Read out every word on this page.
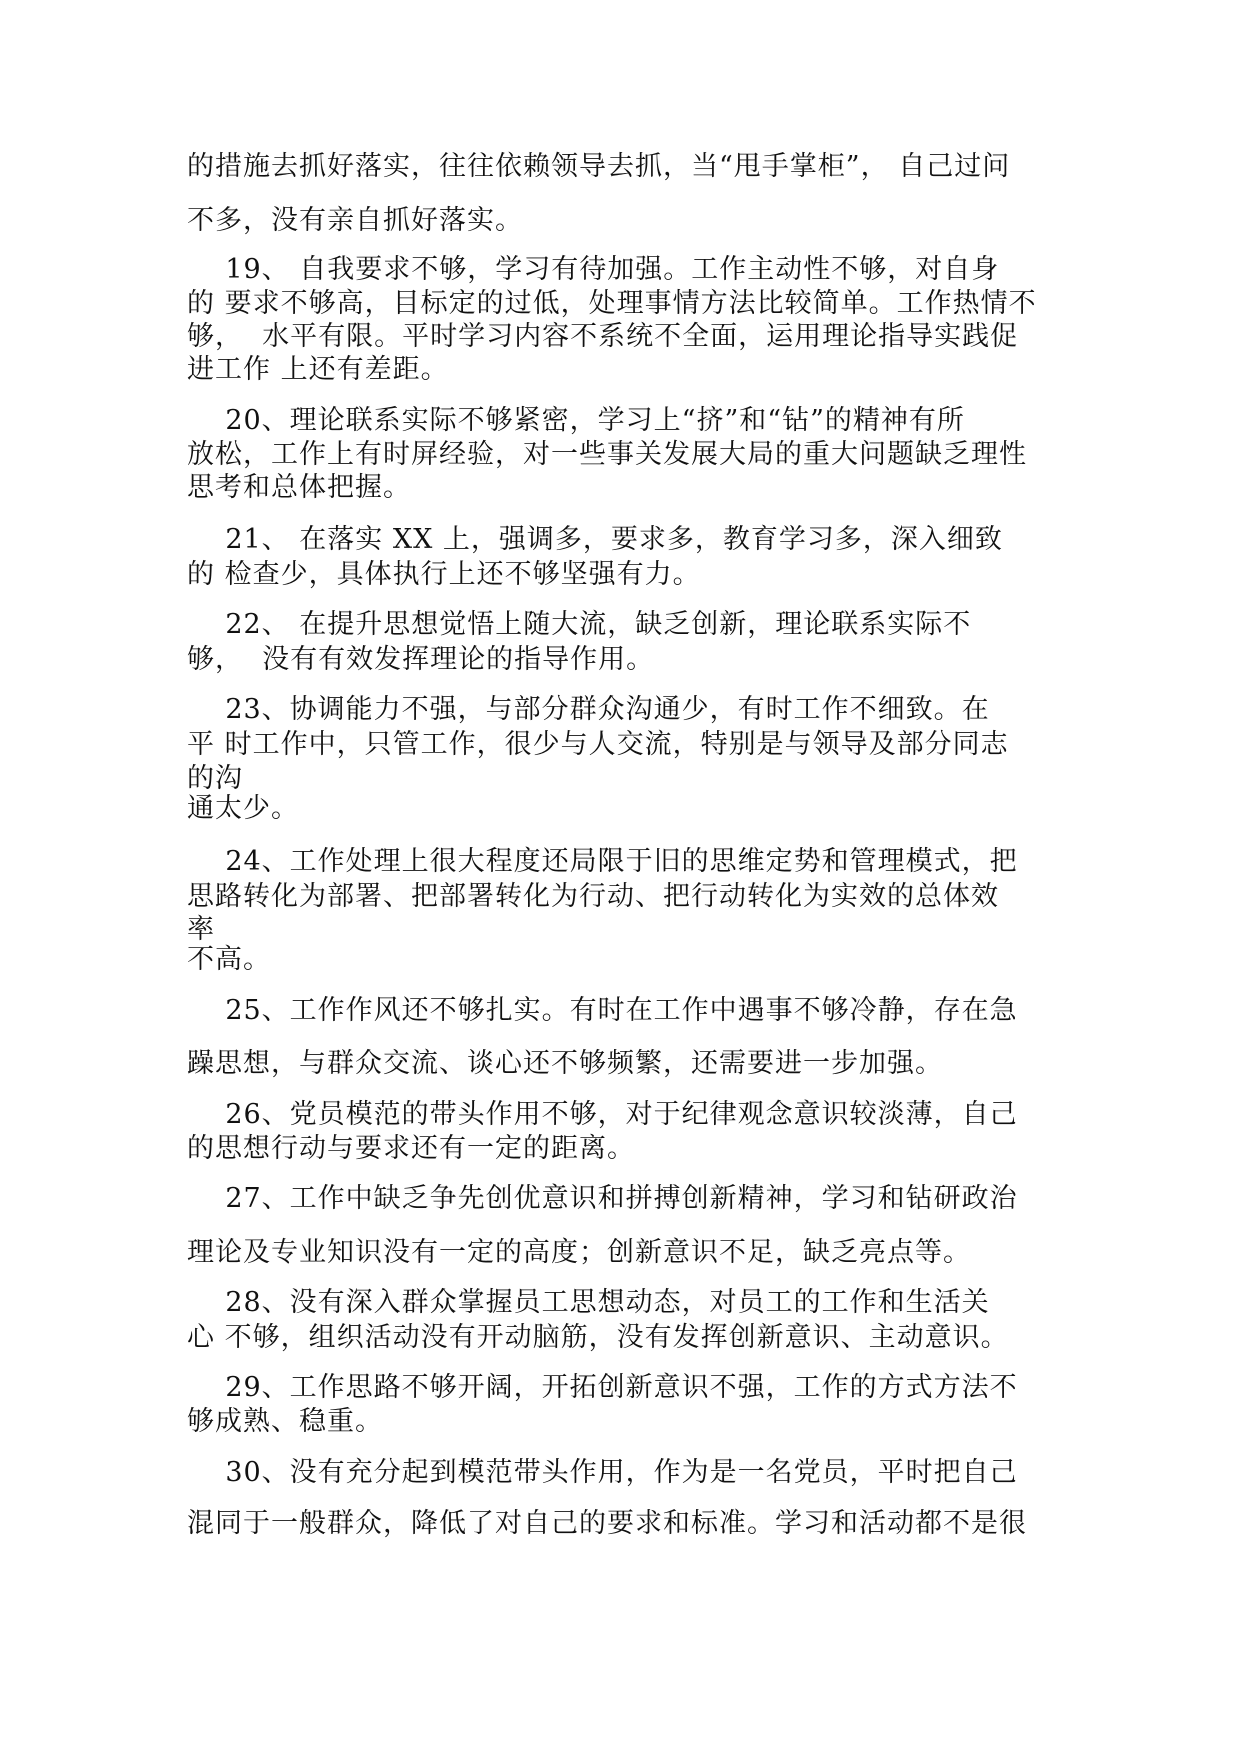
的措施去抓好落实，往往依赖领导去抓，当“甩手掌柜”， 自己过问
不多，没有亲自抓好落实。
19、 自我要求不够，学习有待加强。工作主动性不够，对自身
的 要求不够高，目标定的过低，处理事情方法比较简单。工作热情不
够，  水平有限。平时学习内容不系统不全面，运用理论指导实践促
进工作 上还有差距。
20、理论联系实际不够紧密，学习上“挤”和“钻”的精神有所
放松，工作上有时屏经验，对一些事关发展大局的重大问题缺乏理性
思考和总体把握。
21、 在落实 XX 上，强调多，要求多，教育学习多，深入细致
的 检查少，具体执行上还不够坚强有力。
22、 在提升思想觉悟上随大流，缺乏创新，理论联系实际不
够，  没有有效发挥理论的指导作用。
23、协调能力不强，与部分群众沟通少，有时工作不细致。在
平 时工作中，只管工作，很少与人交流，特别是与领导及部分同志
的沟
通太少。
24、工作处理上很大程度还局限于旧的思维定势和管理模式，把
思路转化为部署、把部署转化为行动、把行动转化为实效的总体效
率
不高。
25、工作作风还不够扎实。有时在工作中遇事不够冷静，存在急
躁思想，与群众交流、谈心还不够频繁，还需要进一步加强。
26、党员模范的带头作用不够，对于纪律观念意识较淡薄，自己
的思想行动与要求还有一定的距离。
27、工作中缺乏争先创优意识和拼搏创新精神，学习和钻研政治
理论及专业知识没有一定的高度；创新意识不足，缺乏亮点等。
28、没有深入群众掌握员工思想动态，对员工的工作和生活关
心 不够，组织活动没有开动脑筋，没有发挥创新意识、主动意识。
29、工作思路不够开阔，开拓创新意识不强，工作的方式方法不
够成熟、稳重。
30、没有充分起到模范带头作用，作为是一名党员，平时把自己
混同于一般群众，降低了对自己的要求和标准。学习和活动都不是很
